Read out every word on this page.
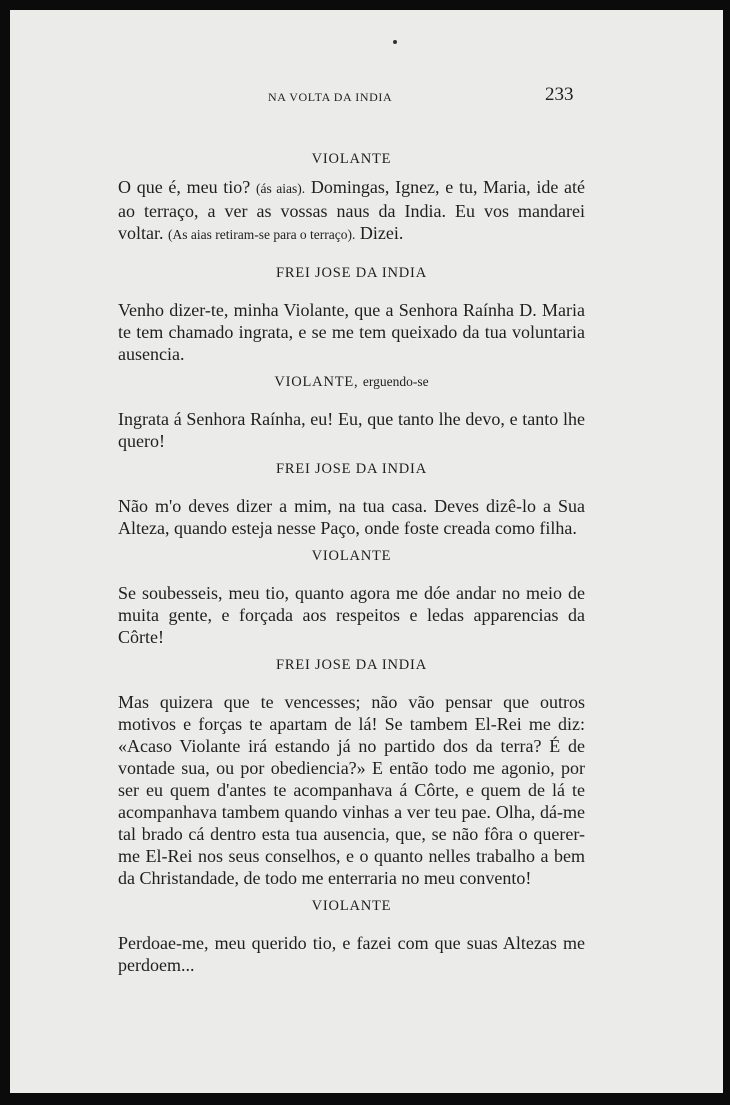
NA VOLTA DA INDIA	233
VIOLANTE
O que é, meu tio? (ás aias). Domingas, Ignez, e tu, Maria, ide até ao terraço, a ver as vossas naus da India. Eu vos mandarei voltar. (As aias retiram-se para o terraço). Dizei.
FREI JOSE DA INDIA
Venho dizer-te, minha Violante, que a Senhora Raínha D. Maria te tem chamado ingrata, e se me tem queixado da tua voluntaria ausencia.
VIOLANTE, erguendo-se
Ingrata á Senhora Raínha, eu! Eu, que tanto lhe devo, e tanto lhe quero!
FREI JOSE DA INDIA
Não m'o deves dizer a mim, na tua casa. Deves dizê-lo a Sua Alteza, quando esteja nesse Paço, onde foste creada como filha.
VIOLANTE
Se soubesseis, meu tio, quanto agora me dóe andar no meio de muita gente, e forçada aos respeitos e ledas apparencias da Côrte!
FREI JOSE DA INDIA
Mas quizera que te vencesses; não vão pensar que outros motivos e forças te apartam de lá! Se tambem El-Rei me diz: «Acaso Violante irá estando já no partido dos da terra? É de vontade sua, ou por obediencia?» E então todo me agonio, por ser eu quem d'antes te acompanhava á Côrte, e quem de lá te acompanhava tambem quando vinhas a ver teu pae. Olha, dá-me tal brado cá dentro esta tua ausencia, que, se não fôra o querer-me El-Rei nos seus conselhos, e o quanto nelles trabalho a bem da Christandade, de todo me enterraria no meu convento!
VIOLANTE
Perdoae-me, meu querido tio, e fazei com que suas Altezas me perdoem...
